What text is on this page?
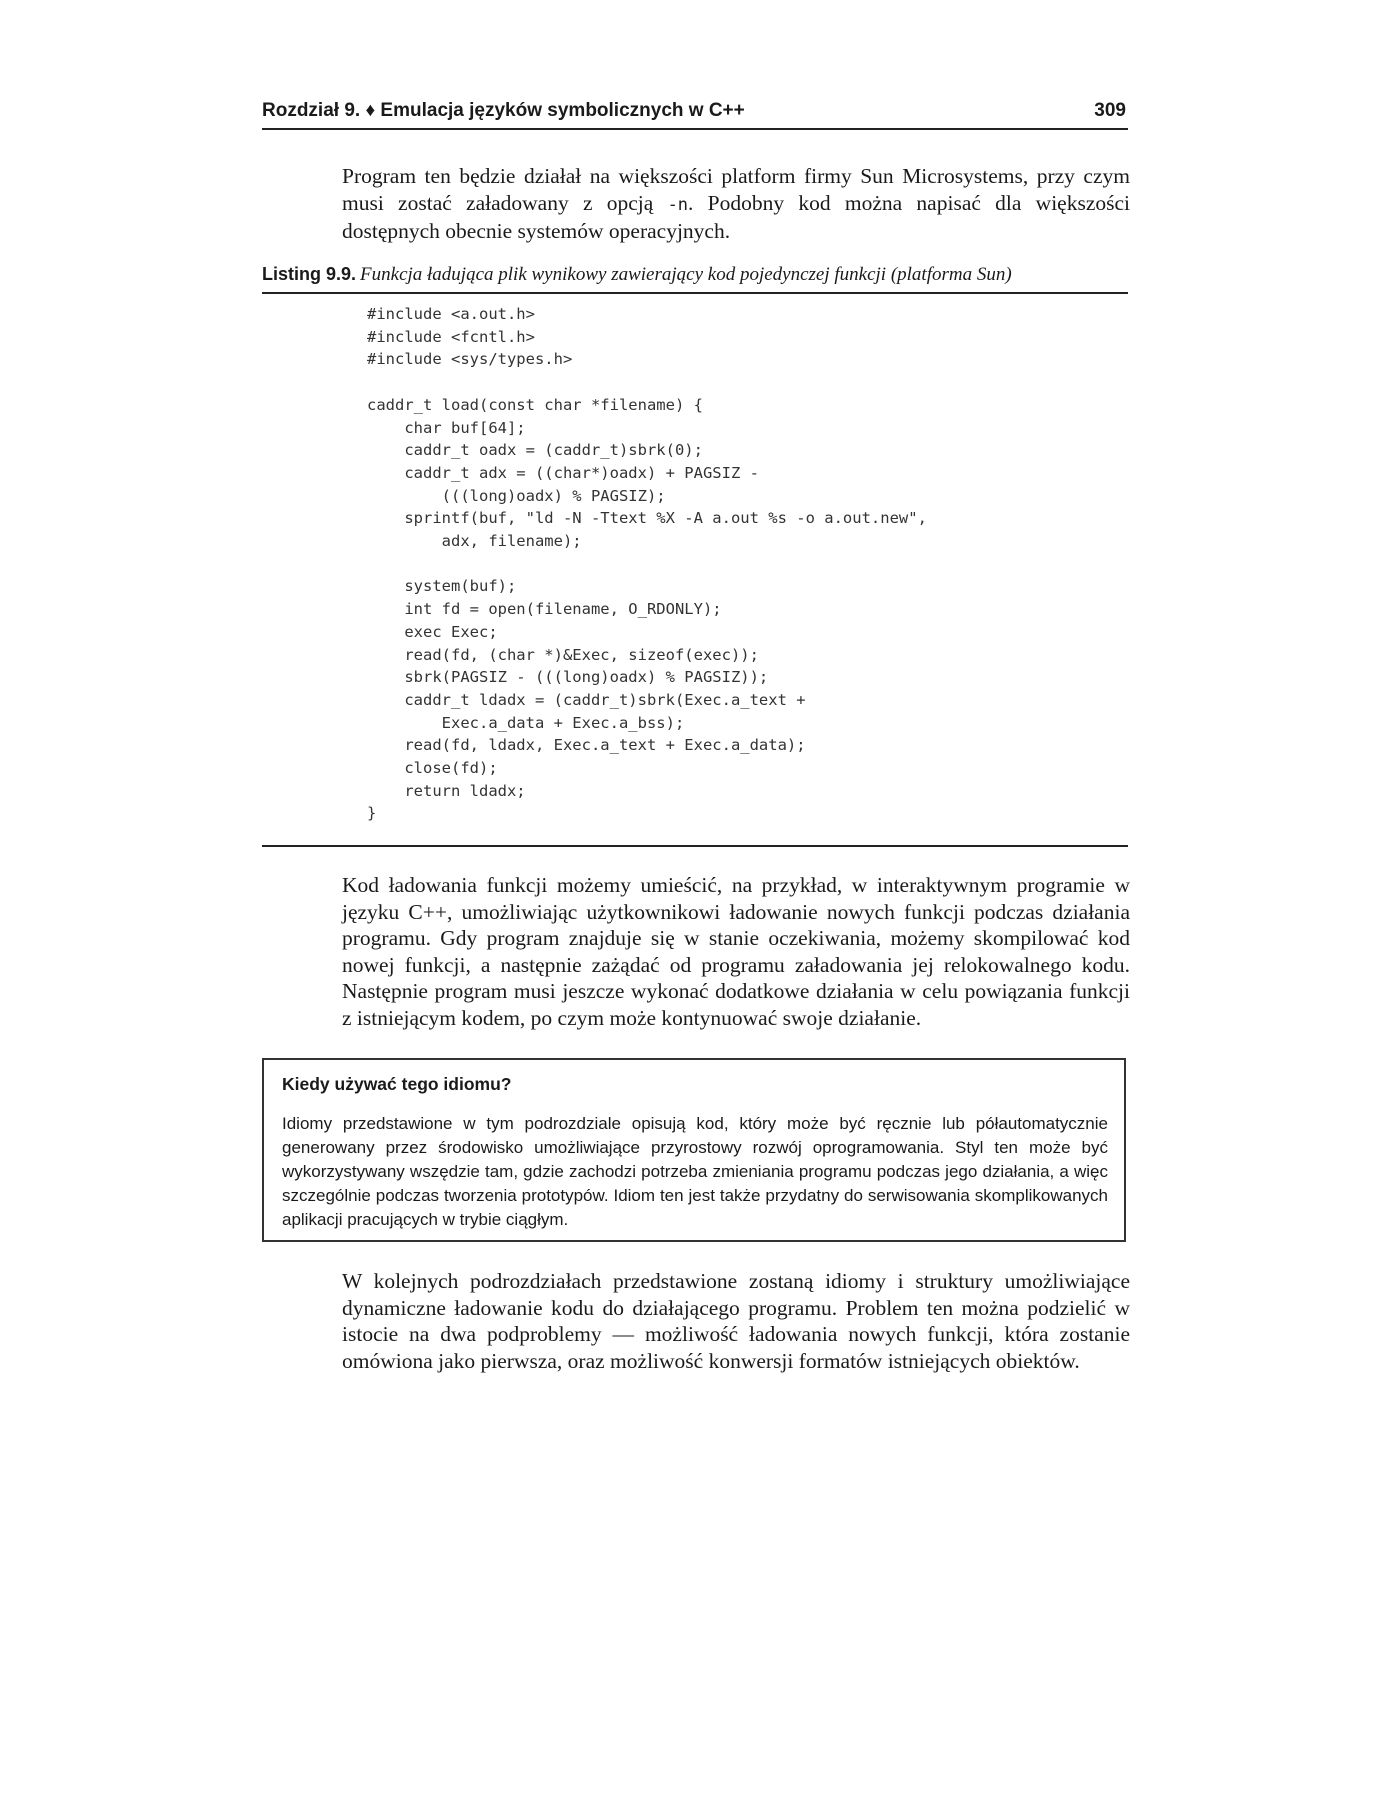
Rozdział 9. ♦ Emulacja języków symbolicznych w C++	309

Program ten będzie działał na większości platform firmy Sun Microsystems, przy czym musi zostać załadowany z opcją -n. Podobny kod można napisać dla większości dostępnych obecnie systemów operacyjnych.

Listing 9.9. Funkcja ładująca plik wynikowy zawierający kod pojedynczej funkcji (platforma Sun)
#include <a.out.h>
#include <fcntl.h>
#include <sys/types.h>

caddr_t load(const char *filename) {
char buf[64];
caddr_t oadx = (caddr_t)sbrk(0);
caddr_t adx = ((char*)oadx) + PAGSIZ -
(((long)oadx) % PAGSIZ);
sprintf(buf, "ld -N -Ttext %X -A a.out %s -o a.out.new",
adx, filename);

system(buf);
int fd = open(filename, O_RDONLY);
exec Exec;
read(fd, (char *)&Exec, sizeof(exec));
sbrk(PAGSIZ - (((long)oadx) % PAGSIZ));
caddr_t ldadx = (caddr_t)sbrk(Exec.a_text +
Exec.a_data + Exec.a_bss);
read(fd, ldadx, Exec.a_text + Exec.a_data);
close(fd);
return ldadx;
}

Kod ładowania funkcji możemy umieścić, na przykład, w interaktywnym programie w języku C++, umożliwiając użytkownikowi ładowanie nowych funkcji podczas działania programu. Gdy program znajduje się w stanie oczekiwania, możemy skompilować kod nowej funkcji, a następnie zażądać od programu załadowania jej relokowalnego kodu. Następnie program musi jeszcze wykonać dodatkowe działania w celu powiązania funkcji z istniejącym kodem, po czym może kontynuować swoje działanie.

Kiedy używać tego idiomu?

Idiomy przedstawione w tym podrozdziale opisują kod, który może być ręcznie lub półautomatycznie generowany przez środowisko umożliwiające przyrostowy rozwój oprogramowania. Styl ten może być wykorzystywany wszędzie tam, gdzie zachodzi potrzeba zmieniania programu podczas jego działania, a więc szczególnie podczas tworzenia prototypów. Idiom ten jest także przydatny do serwisowania skomplikowanych aplikacji pracujących w trybie ciągłym.

W kolejnych podrozdziałach przedstawione zostaną idiomy i struktury umożliwiające dynamiczne ładowanie kodu do działającego programu. Problem ten można podzielić w istocie na dwa podproblemy — możliwość ładowania nowych funkcji, która zostanie omówiona jako pierwsza, oraz możliwość konwersji formatów istniejących obiektów.
